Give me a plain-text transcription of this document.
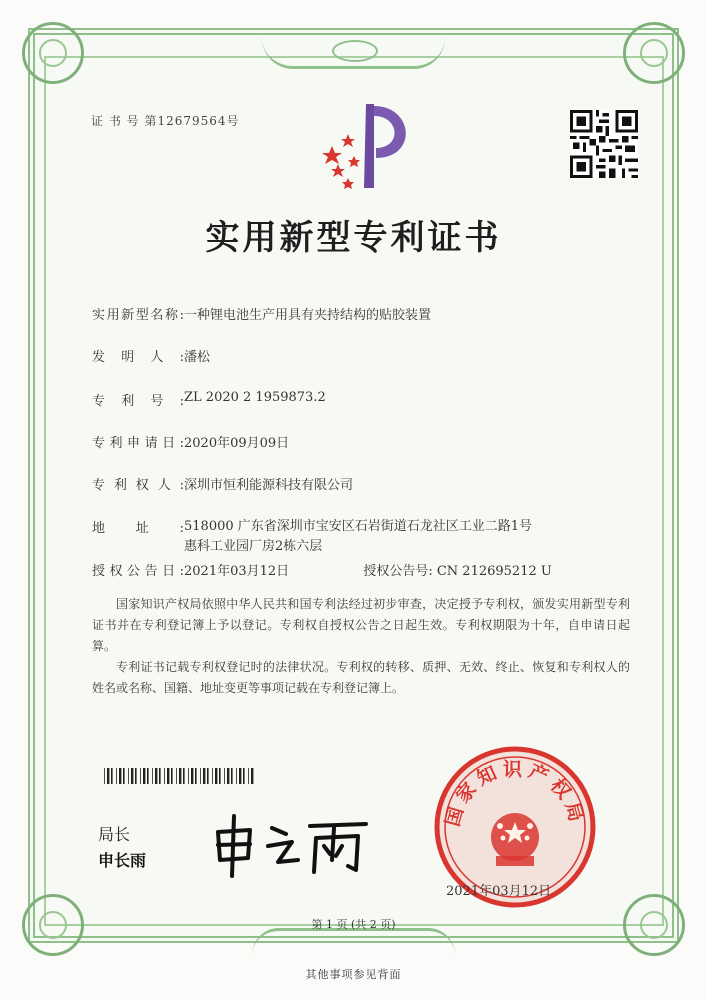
证 书 号 第12679564号
实用新型专利证书
实用新型名称:一种锂电池生产用具有夹持结构的贴胶装置
发明人:潘松
专利号:ZL 2020 2 1959873.2
专利申请日:2020年09月09日
专利权人:深圳市恒利能源科技有限公司
地址:518000 广东省深圳市宝安区石岩街道石龙社区工业二路1号惠科工业园厂房2栋六层
授权公告日:2021年03月12日	授权公告号: CN 212695212 U

国家知识产权局依照中华人民共和国专利法经过初步审查，决定授予专利权，颁发实用新型专利证书并在专利登记簿上予以登记。专利权自授权公告之日起生效。专利权期限为十年，自申请日起算。

专利证书记载专利权登记时的法律状况。专利权的转移、质押、无效、终止、恢复和专利权人的姓名或名称、国籍、地址变更等事项记载在专利登记簿上。

局长
申长雨
国家知识产权局
2021年03月12日
第 1 页 (共 2 页)
其他事项参见背面
